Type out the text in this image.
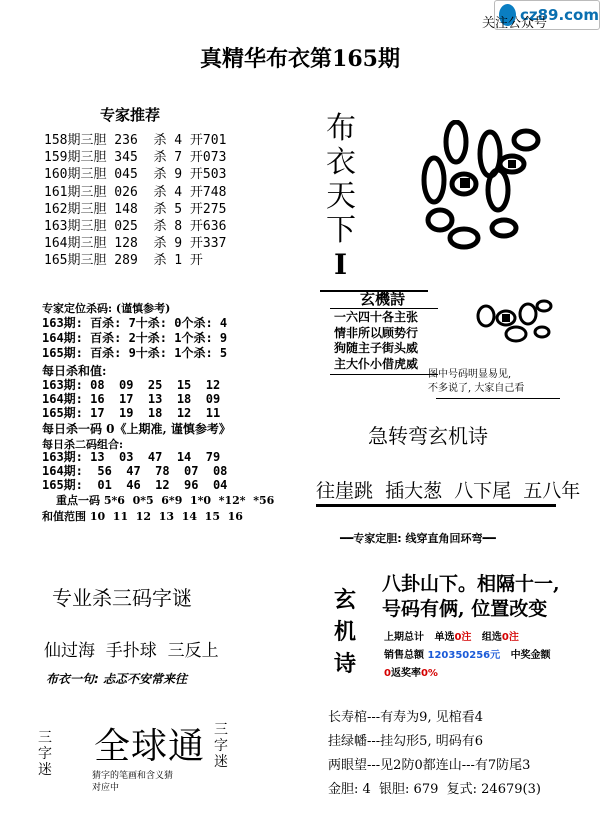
cz89.com
关注公众号
真精华布衣第165期
专家推荐
158期三胆 236  杀 4 开701
159期三胆 345  杀 7 开073
160期三胆 045  杀 9 开503
161期三胆 026  杀 4 开748
162期三胆 148  杀 5 开275
163期三胆 025  杀 8 开636
164期三胆 128  杀 9 开337
165期三胆 289  杀 1 开
布衣天下
I
专家定位杀码: (谨慎参考)
163期: 百杀: 7十杀: 0个杀: 4
164期: 百杀: 2十杀: 1个杀: 9
165期: 百杀: 9十杀: 1个杀: 5
每日杀和值:
163期: 08  09  25  15  12
164期: 16  17  13  18  09
165期: 17  19  18  12  11
每日杀一码 0《上期准, 谨慎参考》
每日杀二码组合:
163期: 13  03  47  14  79
164期:  56  47  78  07  08
165期:  01  46  12  96  04
重点一码 5*6  0*5  6*9  1*0  *12*  *56
和值范围 10  11  12  13  14  15  16
玄機詩
一六四十各主张
情非所以顾势行
狗随主子街头威
主大仆小借虎威
图中号码明显易见,
不多说了, 大家自己看
急转弯玄机诗
往崖跳  插大葱  八下尾  五八年
━━专家定胆: 线穿直角回环弯━━
专业杀三码字谜
仙过海  手扑球  三反上
布衣一句: 忐忑不安常来往
三字迷
全球通
猜字的笔画和含义猜
对应中
三字迷
玄机诗
八卦山下。相隔十一,
号码有俩, 位置改变
上期总计 单选0注 组选0注
销售总额 120350256元 中奖金额
0返奖率0%
长寿棺---有寿为9, 见棺看4
挂绿幡---挂勾形5, 明码有6
两眼望---见2防0都连山---有7防尾3
金胆: 4  银胆: 679  复式: 24679(3)
